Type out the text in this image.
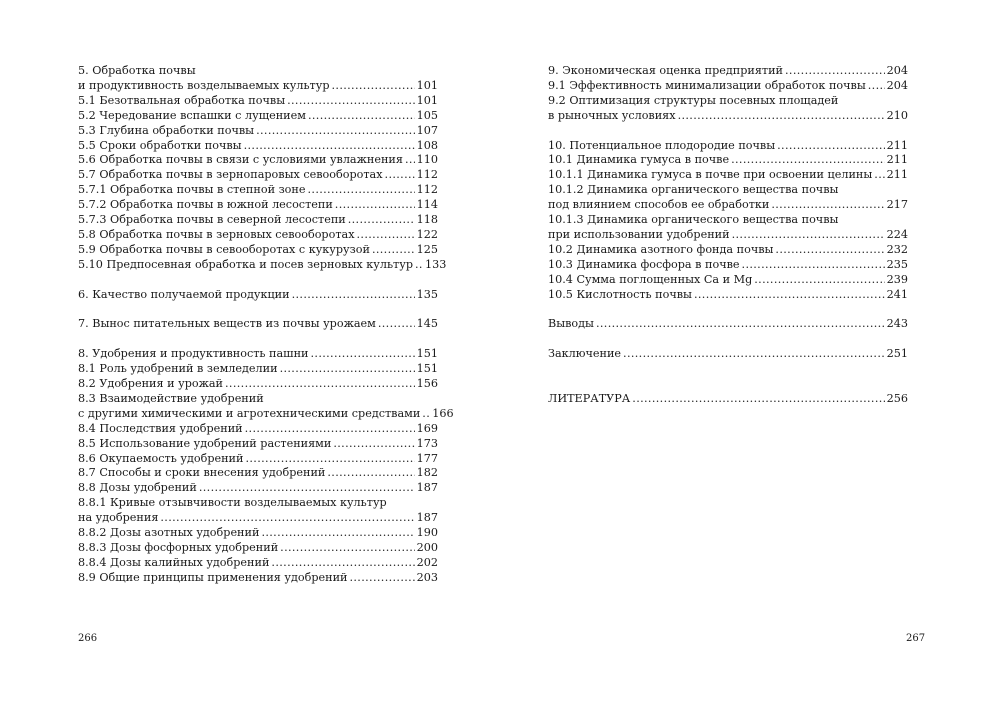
5. Обработка почвы
и продуктивность возделываемых культур . . .	101
5.1 Безотвальная обработка почвы . . .	101
5.2 Чередование вспашки с лущением . . .	105
5.3 Глубина обработки почвы . . .	107
5.5 Сроки обработки почвы . . .	108
5.6 Обработка почвы в связи с условиями увлажнения . . . 110
5.7 Обработка почвы в зернопаровых севооборотах . . .	112
5.7.1 Обработка почвы в степной зоне . . .	112
5.7.2 Обработка почвы в южной лесостепи . . .	114
5.7.3 Обработка почвы в северной лесостепи . . .	118
5.8 Обработка почвы в зерновых севооборотах . . .	122
5.9 Обработка почвы в севооборотах с кукурузой . . .	125
5.10 Предпосевная обработка и посев зерновых культур . . . 133
6. Качество получаемой продукции . . .	135
7. Вынос питательных веществ из почвы урожаем . . .	145
8. Удобрения и продуктивность пашни . . .	151
8.1 Роль удобрений в земледелии . . .	151
8.2 Удобрения и урожай . . .	156
8.3 Взаимодействие удобрений
с другими химическими и агротехническими средствами . . . 166
8.4 Последствия удобрений . . .	169
8.5 Использование удобрений растениями . . .	173
8.6 Окупаемость удобрений . . .	177
8.7 Способы и сроки внесения удобрений . . .	182
8.8 Дозы удобрений . . .	187
8.8.1 Кривые отзывчивости возделываемых культур
на удобрения . . .	187
8.8.2 Дозы азотных удобрений . . .	190
8.8.3 Дозы фосфорных удобрений . . .	200
8.8.4 Дозы калийных удобрений . . .	202
8.9 Общие принципы применения удобрений . . .	203
266
9. Экономическая оценка предприятий . . .	204
9.1 Эффективность минимализации обработок почвы . . . 204
9.2 Оптимизация структуры посевных площадей
в рыночных условиях . . .	210
10. Потенциальное плодородие почвы . . .	211
10.1 Динамика гумуса в почве . . .	211
10.1.1 Динамика гумуса в почве при освоении целины . . . 211
10.1.2 Динамика органического вещества почвы
под влиянием способов ее обработки . . .	217
10.1.3 Динамика органического вещества почвы
при использовании удобрений . . .	224
10.2 Динамика азотного фонда почвы . . .	232
10.3 Динамика фосфора в почве . . .	235
10.4 Сумма поглощенных Ca и Mg . . .	239
10.5 Кислотность почвы . . .	241
Выводы . . .	243
Заключение . . .	251
ЛИТЕРАТУРА . . .	256
267
